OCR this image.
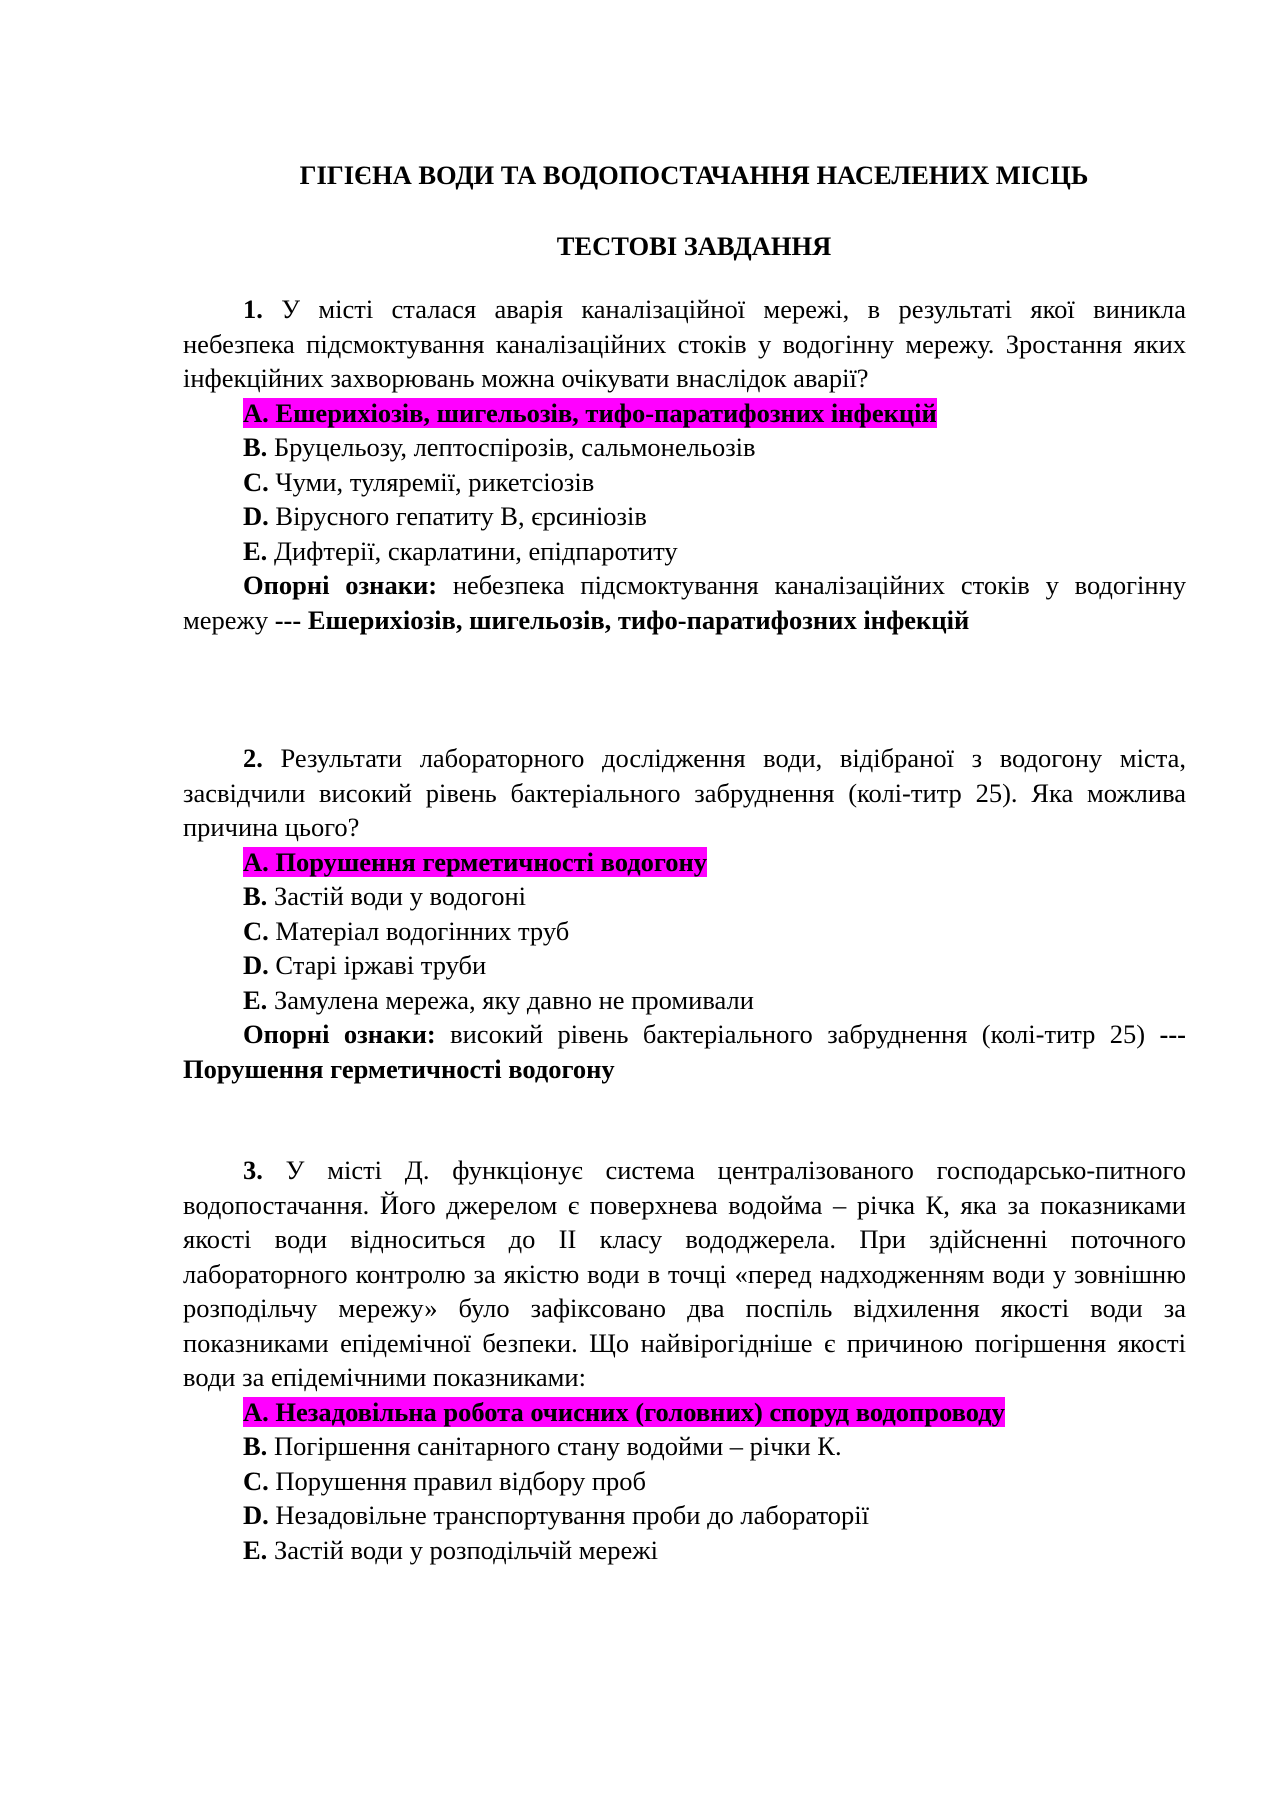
ГІГІЄНА ВОДИ ТА ВОДОПОСТАЧАННЯ НАСЕЛЕНИХ МІСЦЬ
ТЕСТОВІ ЗАВДАННЯ

1. У місті сталася аварія каналізаційної мережі, в результаті якої виникла небезпека підсмоктування каналізаційних стоків у водогінну мережу. Зростання яких інфекційних захворювань можна очікувати внаслідок аварії?

A. Ешерихіозів, шигельозів, тифо-паратифозних інфекцій

B. Бруцельозу, лептоспірозів, сальмонельозів

C. Чуми, туляремії, рикетсіозів

D. Вірусного гепатиту В, єрсиніозів

E. Дифтерії, скарлатини, епідпаротиту

Опорні ознаки: небезпека підсмоктування каналізаційних стоків у водогінну мережу --- Ешерихіозів, шигельозів, тифо-паратифозних інфекцій

2. Результати лабораторного дослідження води, відібраної з водогону міста, засвідчили високий рівень бактеріального забруднення (колі-титр 25). Яка можлива причина цього?

A. Порушення герметичності водогону

B. Застій води у водогоні

C. Матеріал водогінних труб

D. Старі іржаві труби

E. Замулена мережа, яку давно не промивали

Опорні ознаки: високий рівень бактеріального забруднення (колі-титр 25) --- Порушення герметичності водогону

3. У місті Д. функціонує система централізованого господарсько-питного водопостачання. Його джерелом є поверхнева водойма – річка К, яка за показниками якості води відноситься до II класу вододжерела. При здійсненні поточного лабораторного контролю за якістю води в точці «перед надходженням води у зовнішню розподільчу мережу» було зафіксовано два поспіль відхилення якості води за показниками епідемічної безпеки. Що найвірогідніше є причиною погіршення якості води за епідемічними показниками:

A. Незадовільна робота очисних (головних) споруд водопроводу

B. Погіршення санітарного стану водойми – річки К.

C. Порушення правил відбору проб

D. Незадовільне транспортування проби до лабораторії

E. Застій води у розподільчій мережі
